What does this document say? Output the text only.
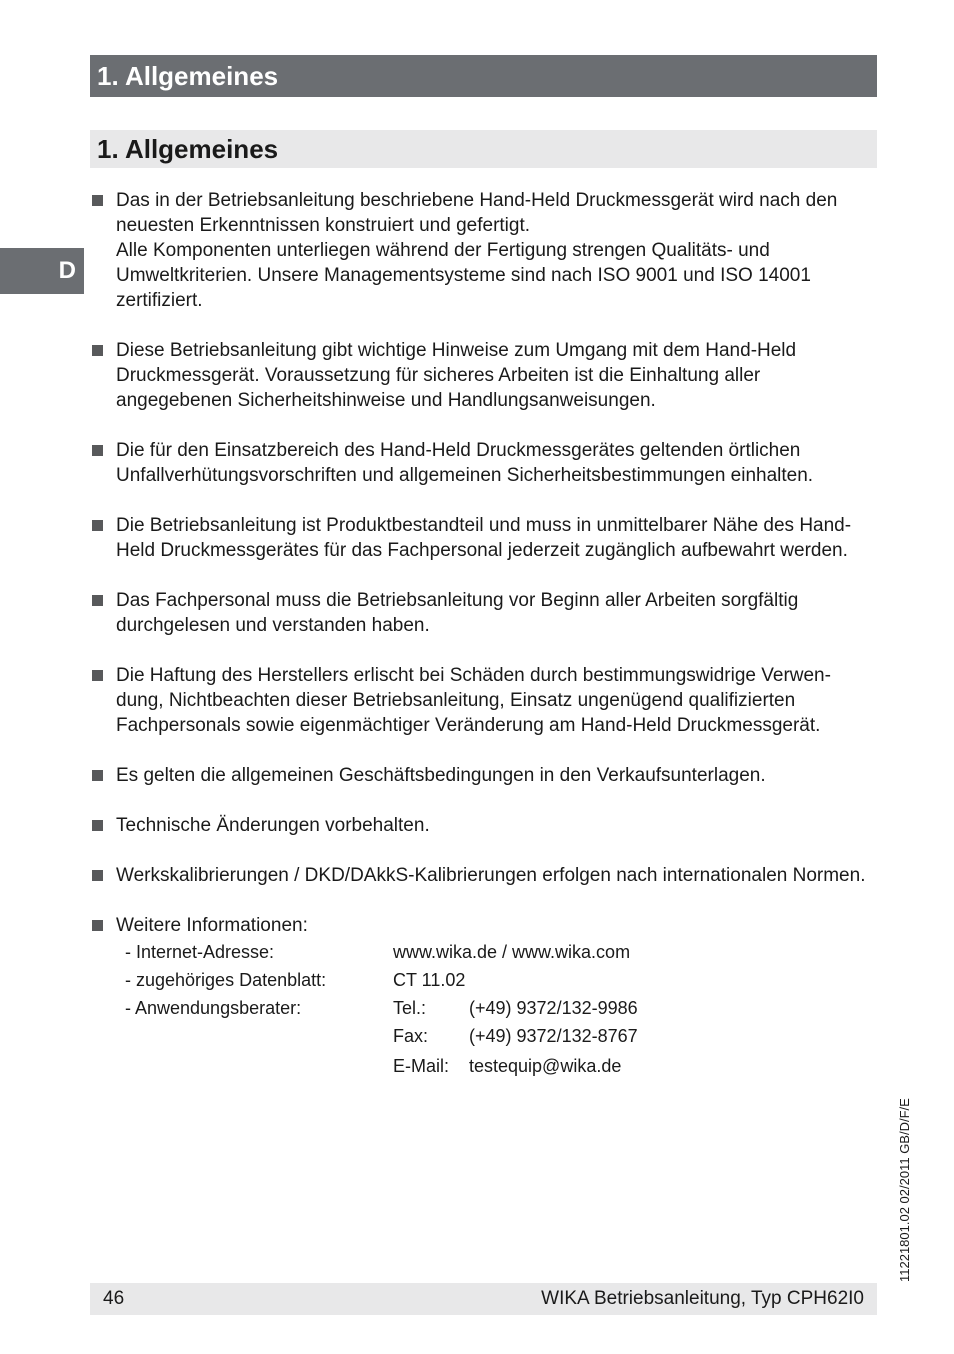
1. Allgemeines
D
1. Allgemeines
Das in der Betriebsanleitung beschriebene Hand-Held Druckmessgerät wird nach den neuesten Erkenntnissen konstruiert und gefertigt.
Alle Komponenten unterliegen während der Fertigung strengen Qualitäts- und Umweltkriterien. Unsere Managementsysteme sind nach ISO 9001 und ISO 14001 zertifiziert.
Diese Betriebsanleitung gibt wichtige Hinweise zum Umgang mit dem Hand-Held Druckmessgerät. Voraussetzung für sicheres Arbeiten ist die Einhaltung aller angegebenen Sicherheitshinweise und Handlungsanweisungen.
Die für den Einsatzbereich des Hand-Held Druckmessgerätes geltenden örtlichen Unfallverhütungsvorschriften und allgemeinen Sicherheitsbestimmungen einhalten.
Die Betriebsanleitung ist Produktbestandteil und muss in unmittelbarer Nähe des Hand-Held Druckmessgerätes für das Fachpersonal jederzeit zugänglich aufbewahrt werden.
Das Fachpersonal muss die Betriebsanleitung vor Beginn aller Arbeiten sorgfältig durchgelesen und verstanden haben.
Die Haftung des Herstellers erlischt bei Schäden durch bestimmungswidrige Verwen-
dung, Nichtbeachten dieser Betriebsanleitung, Einsatz ungenügend qualifizierten Fachpersonals sowie eigenmächtiger Veränderung am Hand-Held Druckmessgerät.
Es gelten die allgemeinen Geschäftsbedingungen in den Verkaufsunterlagen.
Technische Änderungen vorbehalten.
Werkskalibrierungen / DKD/DAkkS-Kalibrierungen erfolgen nach internationalen Normen.
Weitere Informationen:
- Internet-Adresse:	www.wika.de / www.wika.com
- zugehöriges Datenblatt:	CT 11.02
- Anwendungsberater:	Tel.: (+49) 9372/132-9986
Fax: (+49) 9372/132-8767
E-Mail: testequip@wika.de
11221801.02 02/2011 GB/D/F/E
46	WIKA Betriebsanleitung, Typ CPH62I0
